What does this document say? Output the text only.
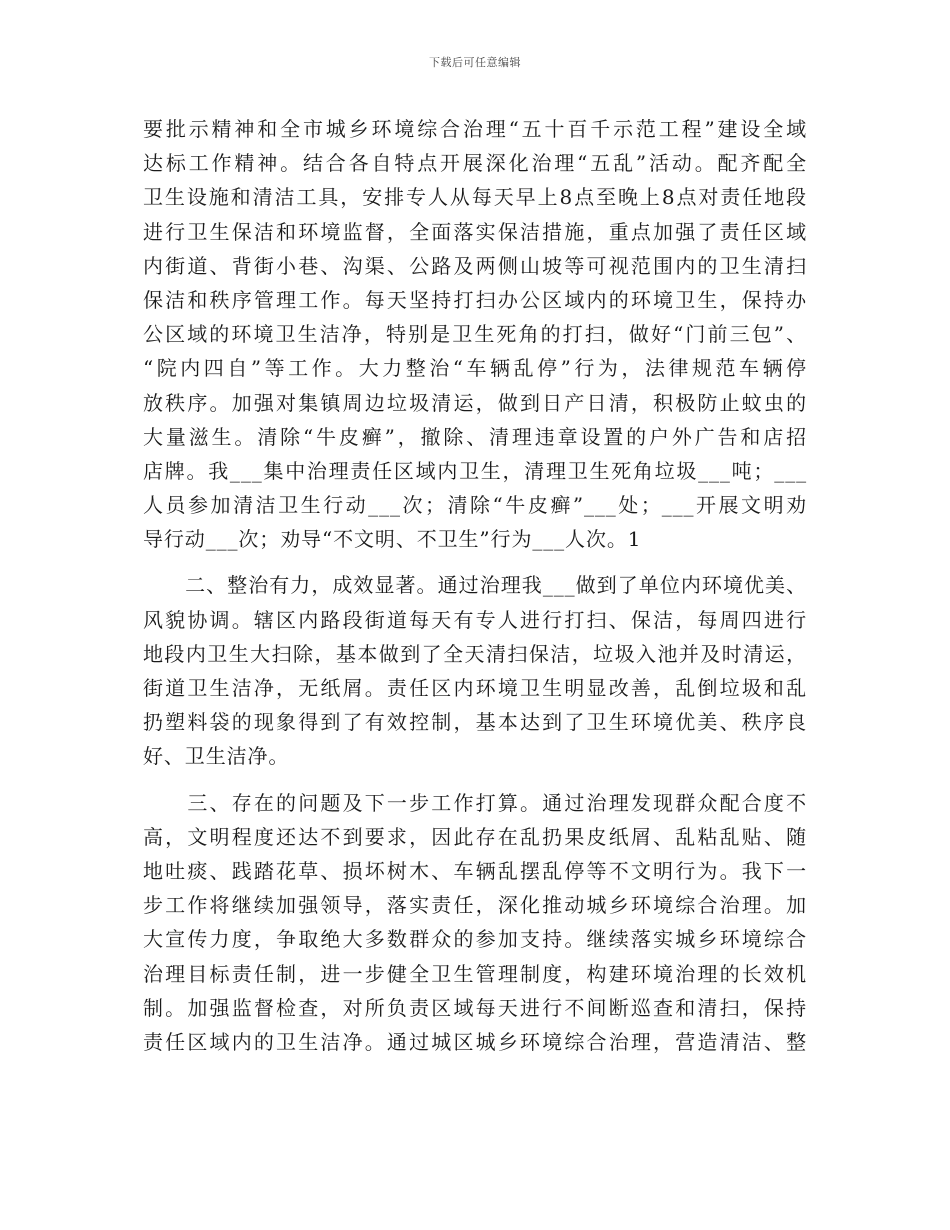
下载后可任意编辑
要批示精神和全市城乡环境综合治理“五十百千示范工程”建设全域
达标工作精神。结合各自特点开展深化治理“五乱”活动。配齐配全
卫生设施和清洁工具，安排专人从每天早上8点至晚上8点对责任地段
进行卫生保洁和环境监督，全面落实保洁措施，重点加强了责任区域
内街道、背街小巷、沟渠、公路及两侧山坡等可视范围内的卫生清扫
保洁和秩序管理工作。每天坚持打扫办公区域内的环境卫生，保持办
公区域的环境卫生洁净，特别是卫生死角的打扫，做好“门前三包”、
“院内四自”等工作。大力整治“车辆乱停”行为，法律规范车辆停
放秩序。加强对集镇周边垃圾清运，做到日产日清，积极防止蚊虫的
大量滋生。清除“牛皮癣”，撤除、清理违章设置的户外广告和店招
店牌。我___集中治理责任区域内卫生，清理卫生死角垃圾___吨；___
人员参加清洁卫生行动___次；清除“牛皮癣”___处；___开展文明劝
导行动___次；劝导“不文明、不卫生”行为___人次。1
　　二、整治有力，成效显著。通过治理我___做到了单位内环境优美、
风貌协调。辖区内路段街道每天有专人进行打扫、保洁，每周四进行
地段内卫生大扫除，基本做到了全天清扫保洁，垃圾入池并及时清运，
街道卫生洁净，无纸屑。责任区内环境卫生明显改善，乱倒垃圾和乱
扔塑料袋的现象得到了有效控制，基本达到了卫生环境优美、秩序良
好、卫生洁净。
　　三、存在的问题及下一步工作打算。通过治理发现群众配合度不
高，文明程度还达不到要求，因此存在乱扔果皮纸屑、乱粘乱贴、随
地吐痰、践踏花草、损坏树木、车辆乱摆乱停等不文明行为。我下一
步工作将继续加强领导，落实责任，深化推动城乡环境综合治理。加
大宣传力度，争取绝大多数群众的参加支持。继续落实城乡环境综合
治理目标责任制，进一步健全卫生管理制度，构建环境治理的长效机
制。加强监督检查，对所负责区域每天进行不间断巡查和清扫，保持
责任区域内的卫生洁净。通过城区城乡环境综合治理，营造清洁、整
